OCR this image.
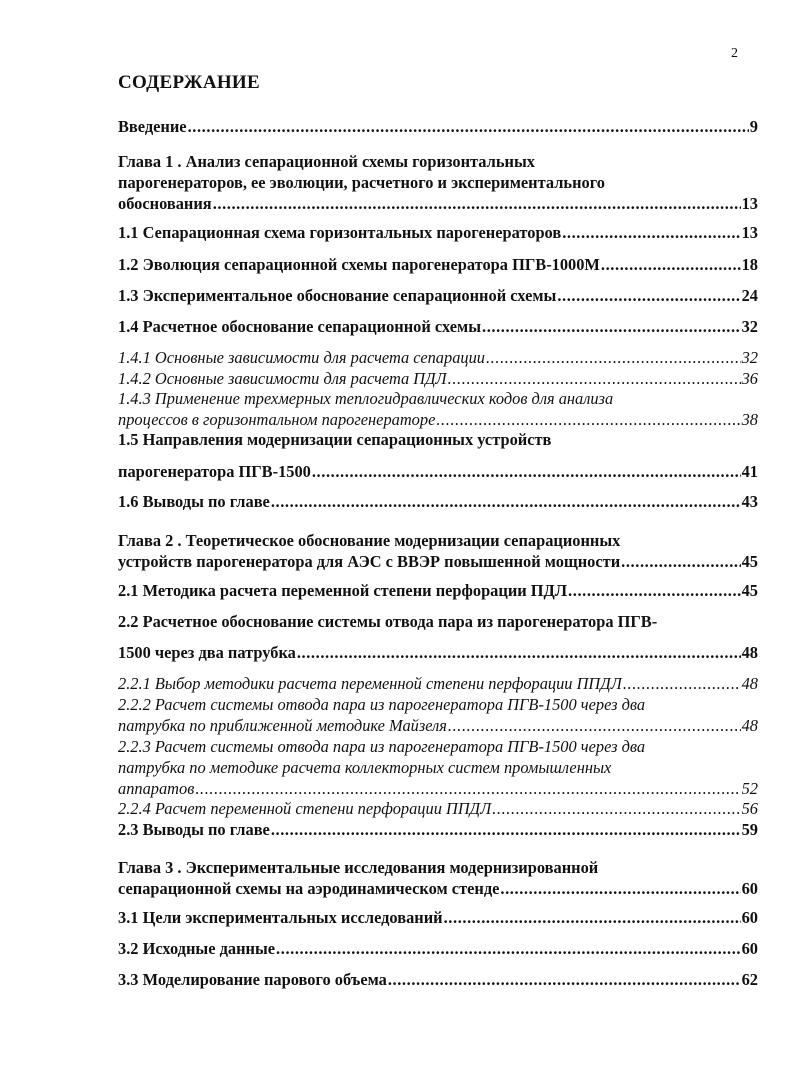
2
СОДЕРЖАНИЕ
Введение .....	9
Глава 1 . Анализ сепарационной схемы горизонтальных
парогенераторов, ее эволюции, расчетного и экспериментального
обоснования .....	13
1.1 Сепарационная схема горизонтальных парогенераторов .....	13
1.2 Эволюция сепарационной схемы парогенератора ПГВ-1000М .....	18
1.3 Экспериментальное обоснование сепарационной схемы .....	24
1.4 Расчетное обоснование сепарационной схемы .....	32
1.4.1 Основные зависимости для расчета сепарации .....	32
1.4.2 Основные зависимости для расчета ПДЛ .....	36
1.4.3 Применение трехмерных теплогидравлических кодов для анализа
процессов в горизонтальном парогенераторе .....	38
1.5 Направления модернизации сепарационных устройств
парогенератора ПГВ-1500 .....	41
1.6 Выводы по главе .....	43
Глава 2 . Теоретическое обоснование модернизации сепарационных
устройств парогенератора для АЭС с ВВЭР повышенной мощности .....	45
2.1 Методика расчета переменной степени перфорации ПДЛ .....	45
2.2 Расчетное обоснование системы отвода пара из парогенератора ПГВ-
1500 через два патрубка .....	48
2.2.1 Выбор методики расчета переменной степени перфорации ППДЛ .....	48
2.2.2 Расчет системы отвода пара из парогенератора ПГВ-1500 через два
патрубка по приближенной методике Майзеля .....	48
2.2.3 Расчет системы отвода пара из парогенератора ПГВ-1500 через два
патрубка по методике расчета коллекторных систем промышленных
аппаратов .....	52
2.2.4 Расчет переменной степени перфорации ППДЛ .....	56
2.3 Выводы по главе .....	59
Глава 3 . Экспериментальные исследования модернизированной
сепарационной схемы на аэродинамическом стенде .....	60
3.1 Цели экспериментальных исследований .....	60
3.2 Исходные данные .....	60
3.3 Моделирование парового объема .....	62
